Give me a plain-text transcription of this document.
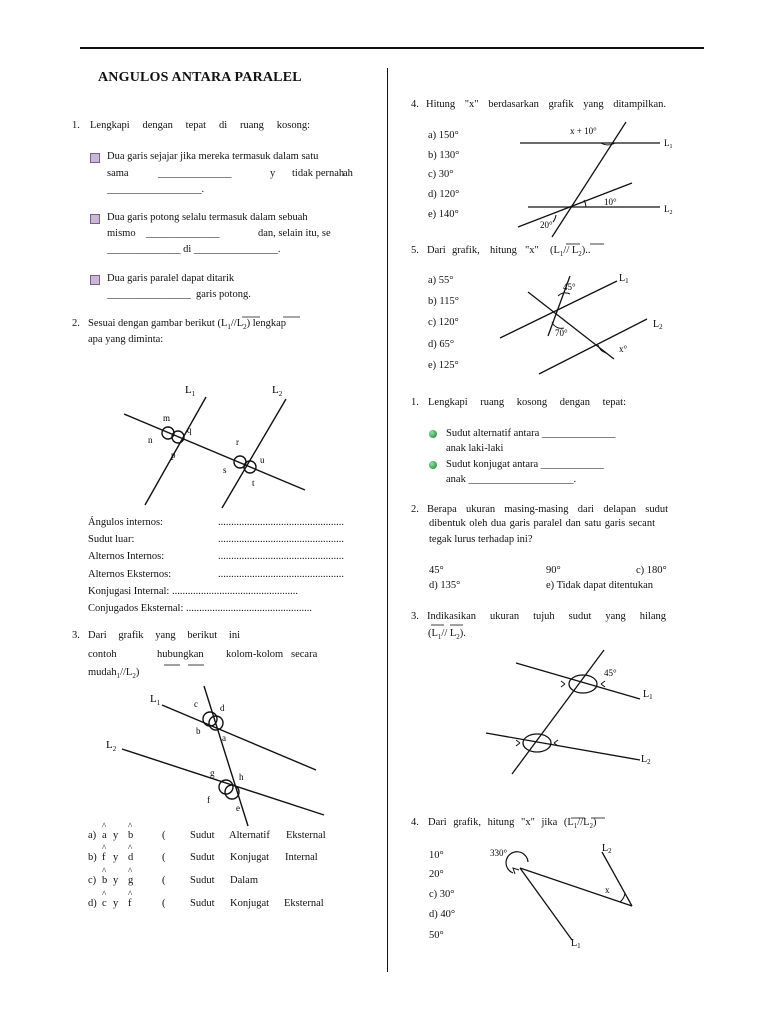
ANGULOS ANTARA PARALEL
1. Lengkapi dengan tepat di ruang kosong:
Dua garis sejajar jika mereka termasuk dalam satu
sama	______________	y tidak pernah
ah
__________________.
Dua garis potong selalu termasuk dalam sebuah
mismo ______________	dan, selain itu, se
______________ di ________________.
Dua garis paralel dapat ditarik
________________ garis potong.
2. Sesuai dengan gambar berikut $(L_1//L_2)$ lengkap
apa yang diminta:
$L_1$	$L_2$
m
q
n
p
r
u
s
t
Ángulos internos:	................................................
Sudut luar:	................................................
Alternos Internos:	................................................
Alternos Eksternos:	................................................
Konjugasi Internal: ................................................
Conjugados Eksternal: ................................................
3. Dari grafik yang berikut ini
contoh	hubungkan kolom-kolom secara
$mudah_1//L_2$)
$L_1$
$L_2$
c d
b
a
g	h
f
e
a) ^ a y ^ b	( Sudut Alternatif Eksternal
b) ^ f y ^ d	( Sudut Konjugat Internal
c) ^ b y ^ g	( Sudut Dalam
d) ^ c y ^ f	( Sudut Konjugat Eksternal
4. Hitung "x" berdasarkan grafik yang ditampilkan.
a) 150°
b) 130°
c) 30°
d) 120°
e) 140°
x + 10°
10°
20°
$L_1$
$L_2$
5. Dari grafik, hitung "x" ($L_1//$ $L_2$)..
a) 55°
b) 115°
c) 120°
d) 65°
e) 125°
45°
70°
x°
$L_1$
$L_2$
1. Lengkapi ruang kosong dengan tepat:
Sudut alternatif antara ______________
anak laki-laki
Sudut konjugat antara ____________
anak ____________________.
2. Berapa ukuran masing-masing dari delapan sudut
dibentuk oleh dua garis paralel dan satu garis secant
tegak lurus terhadap ini?
45°	90°	c) 180°
d) 135°	e) Tidak dapat ditentukan
3. Indikasikan ukuran tujuh sudut yang hilang
($L_1//$ $L_2$).
45°
$L_1$
$L_2$
4. Dari grafik, hitung "x" jika $(L_1//L_2)$
10°
20°
c) 30°
d) 40°
50°
330°
x
$L_2$
$L_1$
